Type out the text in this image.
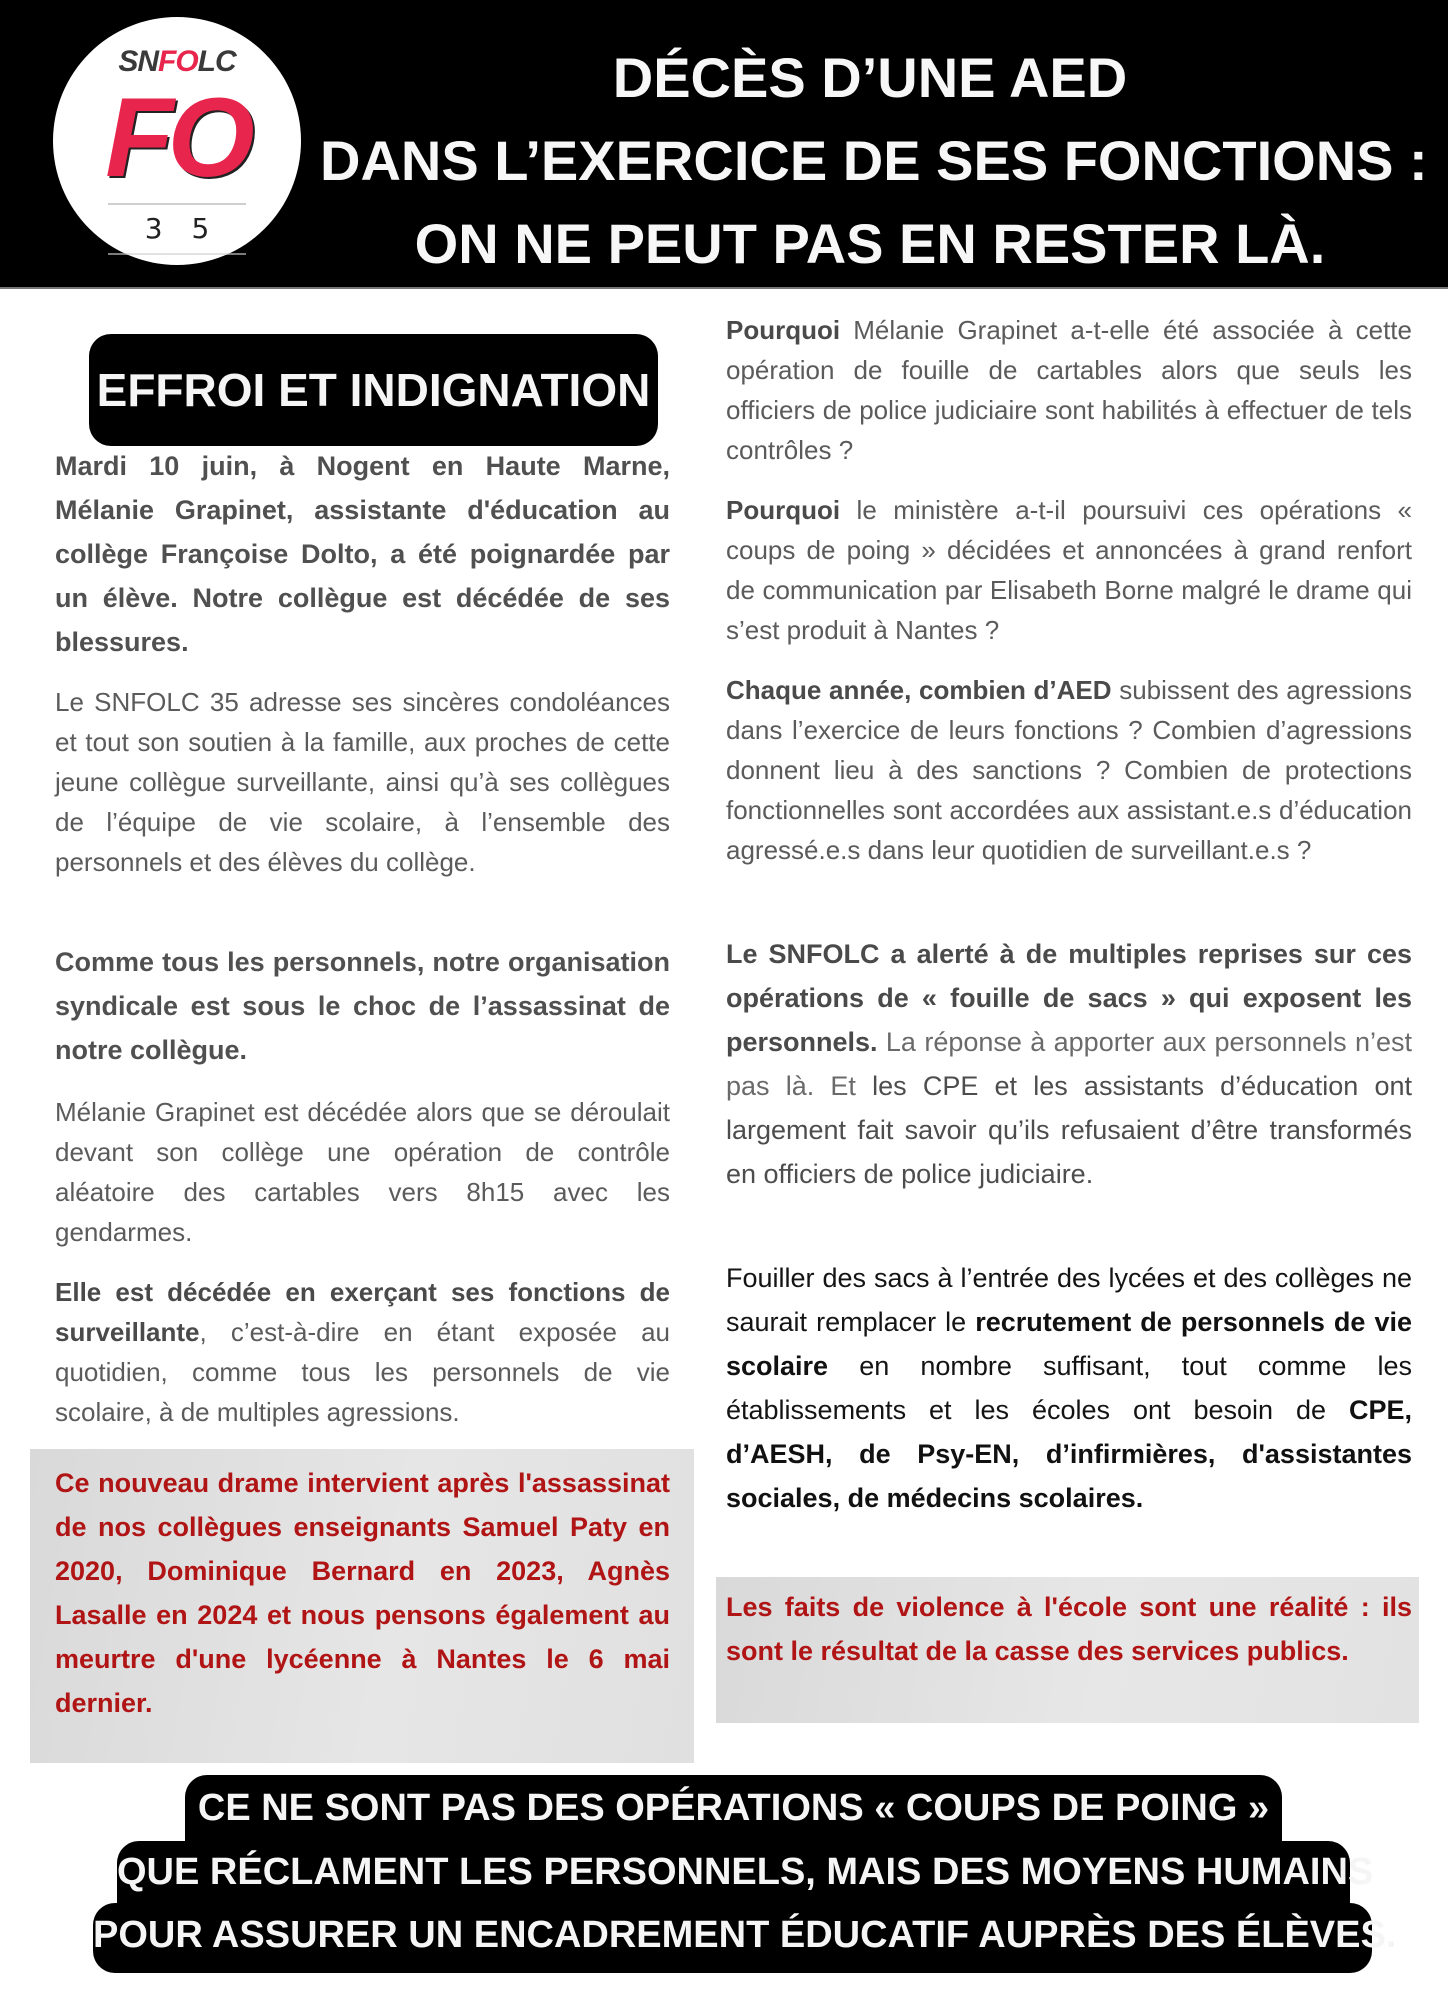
SNFOLC
FO
3 5
DÉCÈS D’UNE AED
DANS L’EXERCICE DE SES FONCTIONS :
ON NE PEUT PAS EN RESTER LÀ.
EFFROI ET INDIGNATION

Mardi 10 juin, à Nogent en Haute Marne, Mélanie Grapinet, assistante d'éducation au collège Françoise Dolto, a été poignardée par un élève. Notre collègue est décédée de ses blessures.

Le SNFOLC 35 adresse ses sincères condoléances et tout son soutien à la famille, aux proches de cette jeune collègue surveillante, ainsi qu’à ses collègues de l’équipe de vie scolaire, à l’ensemble des personnels et des élèves du collège.

Comme tous les personnels, notre organisation syndicale est sous le choc de l’assassinat de notre collègue.

Mélanie Grapinet est décédée alors que se déroulait devant son collège une opération de contrôle aléatoire des cartables vers 8h15 avec les gendarmes.

Elle est décédée en exerçant ses fonctions de surveillante, c’est-à-dire en étant exposée au quotidien, comme tous les personnels de vie scolaire, à de multiples agressions.

Ce nouveau drame intervient après l'assassinat de nos collègues enseignants Samuel Paty en 2020, Dominique Bernard en 2023, Agnès Lasalle en 2024 et nous pensons également au meurtre d'une lycéenne à Nantes le 6 mai dernier.

Pourquoi Mélanie Grapinet a-t-elle été associée à cette opération de fouille de cartables alors que seuls les officiers de police judiciaire sont habilités à effectuer de tels contrôles ?

Pourquoi le ministère a-t-il poursuivi ces opérations « coups de poing » décidées et annoncées à grand renfort de communication par Elisabeth Borne malgré le drame qui s’est produit à Nantes ?

Chaque année, combien d’AED subissent des agressions dans l’exercice de leurs fonctions ? Combien d’agressions donnent lieu à des sanctions ? Combien de protections fonctionnelles sont accordées aux assistant.e.s d’éducation agressé.e.s dans leur quotidien de surveillant.e.s ?

Le SNFOLC a alerté à de multiples reprises sur ces opérations de « fouille de sacs » qui exposent les personnels. La réponse à apporter aux personnels n’est pas là. Et les CPE et les assistants d’éducation ont largement fait savoir qu’ils refusaient d’être transformés en officiers de police judiciaire.

Fouiller des sacs à l’entrée des lycées et des collèges ne saurait remplacer le recrutement de personnels de vie scolaire en nombre suffisant, tout comme les établissements et les écoles ont besoin de CPE, d’AESH, de Psy-EN, d’infirmières, d'assistantes sociales, de médecins scolaires.

Les faits de violence à l'école sont une réalité : ils sont le résultat de la casse des services publics.

CE NE SONT PAS DES OPÉRATIONS « COUPS DE POING »
QUE RÉCLAMENT LES PERSONNELS, MAIS DES MOYENS HUMAINS
POUR ASSURER UN ENCADREMENT ÉDUCATIF AUPRÈS DES ÉLÈVES.
